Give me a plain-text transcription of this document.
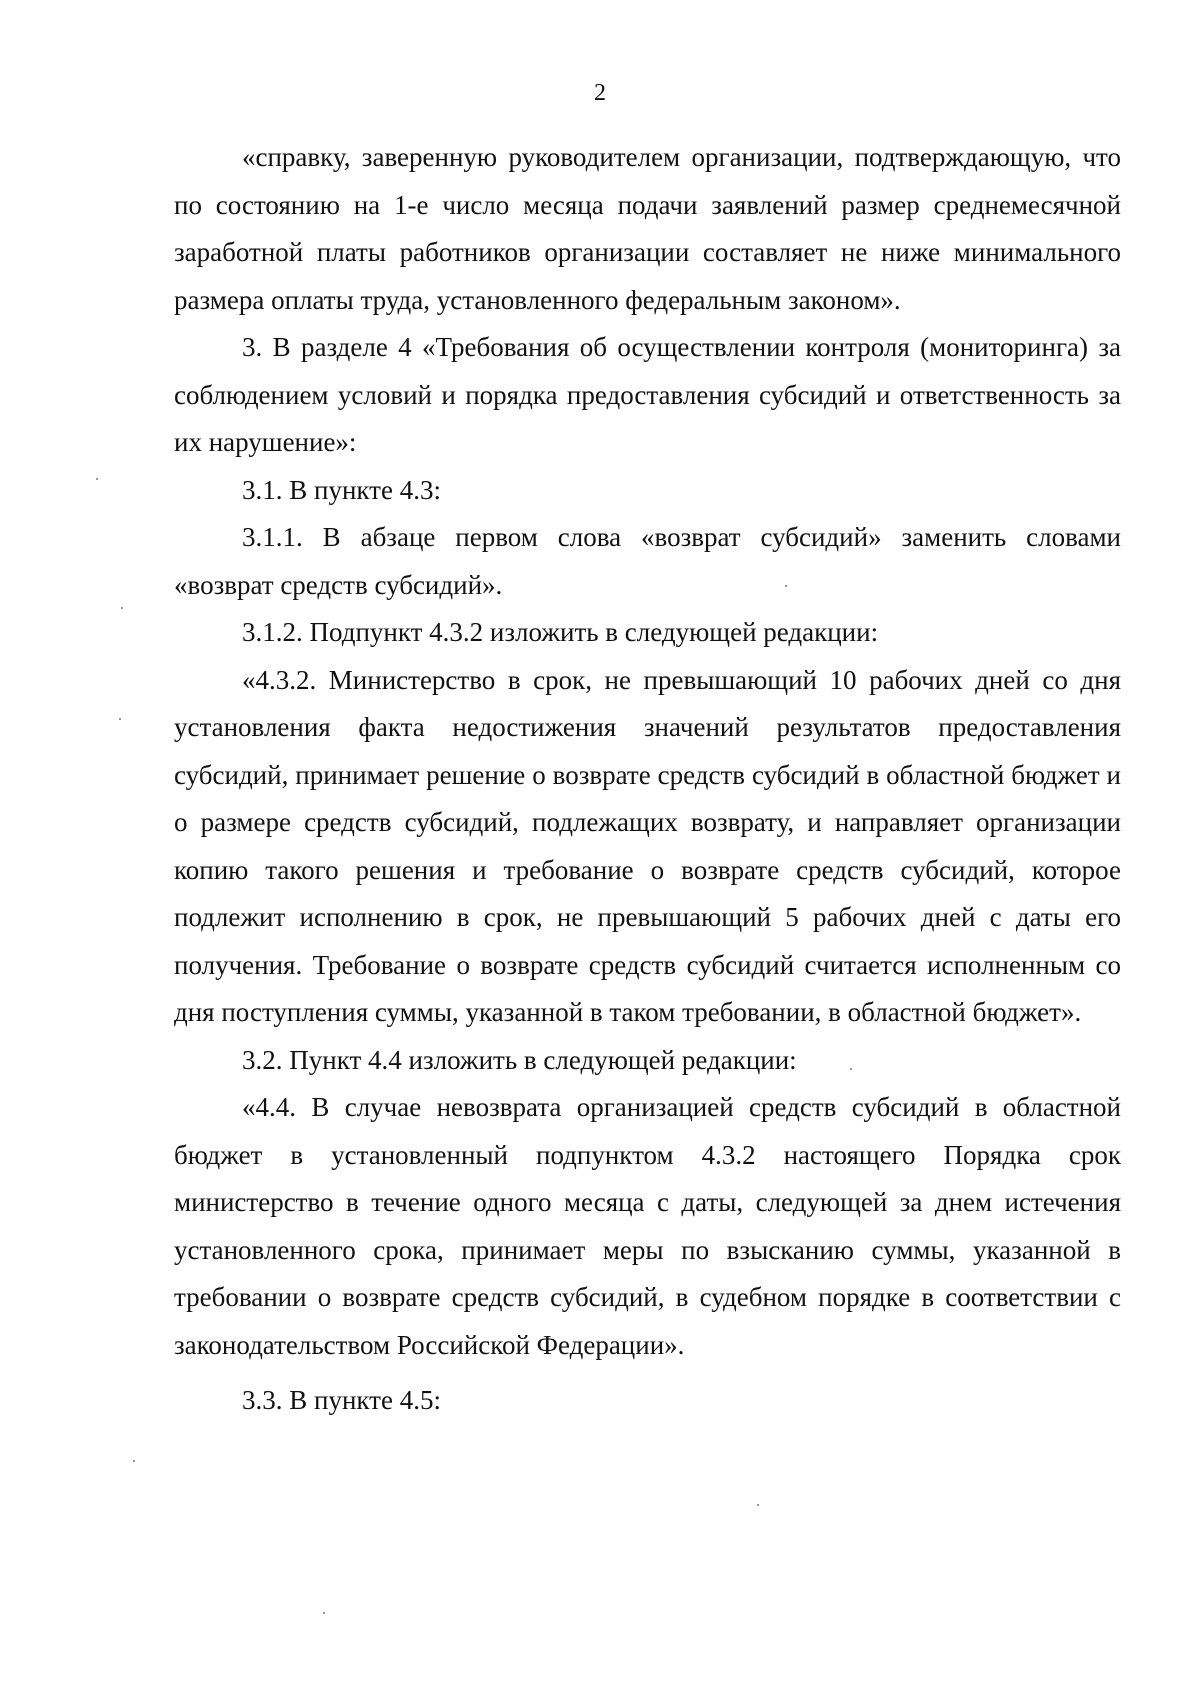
2

«справку, заверенную руководителем организации, подтверждающую, что по состоянию на 1-е число месяца подачи заявлений размер среднемесячной заработной платы работников организации составляет не ниже минимального размера оплаты труда, установленного федеральным законом».

3. В разделе 4 «Требования об осуществлении контроля (мониторинга) за соблюдением условий и порядка предоставления субсидий и ответственность за их нарушение»:

3.1. В пункте 4.3:

3.1.1. В абзаце первом слова «возврат субсидий» заменить словами «возврат средств субсидий».

3.1.2. Подпункт 4.3.2 изложить в следующей редакции:

«4.3.2. Министерство в срок, не превышающий 10 рабочих дней со дня установления факта недостижения значений результатов предоставления субсидий, принимает решение о возврате средств субсидий в областной бюджет и о размере средств субсидий, подлежащих возврату, и направляет организации копию такого решения и требование о возврате средств субсидий, которое подлежит исполнению в срок, не превышающий 5 рабочих дней с даты его получения. Требование о возврате средств субсидий считается исполненным со дня поступления суммы, указанной в таком требовании, в областной бюджет».

3.2. Пункт 4.4 изложить в следующей редакции:

«4.4. В случае невозврата организацией средств субсидий в областной бюджет в установленный подпунктом 4.3.2 настоящего Порядка срок министерство в течение одного месяца с даты, следующей за днем истечения установленного срока, принимает меры по взысканию суммы, указанной в требовании о возврате средств субсидий, в судебном порядке в соответствии с законодательством Российской Федерации».

3.3. В пункте 4.5:
